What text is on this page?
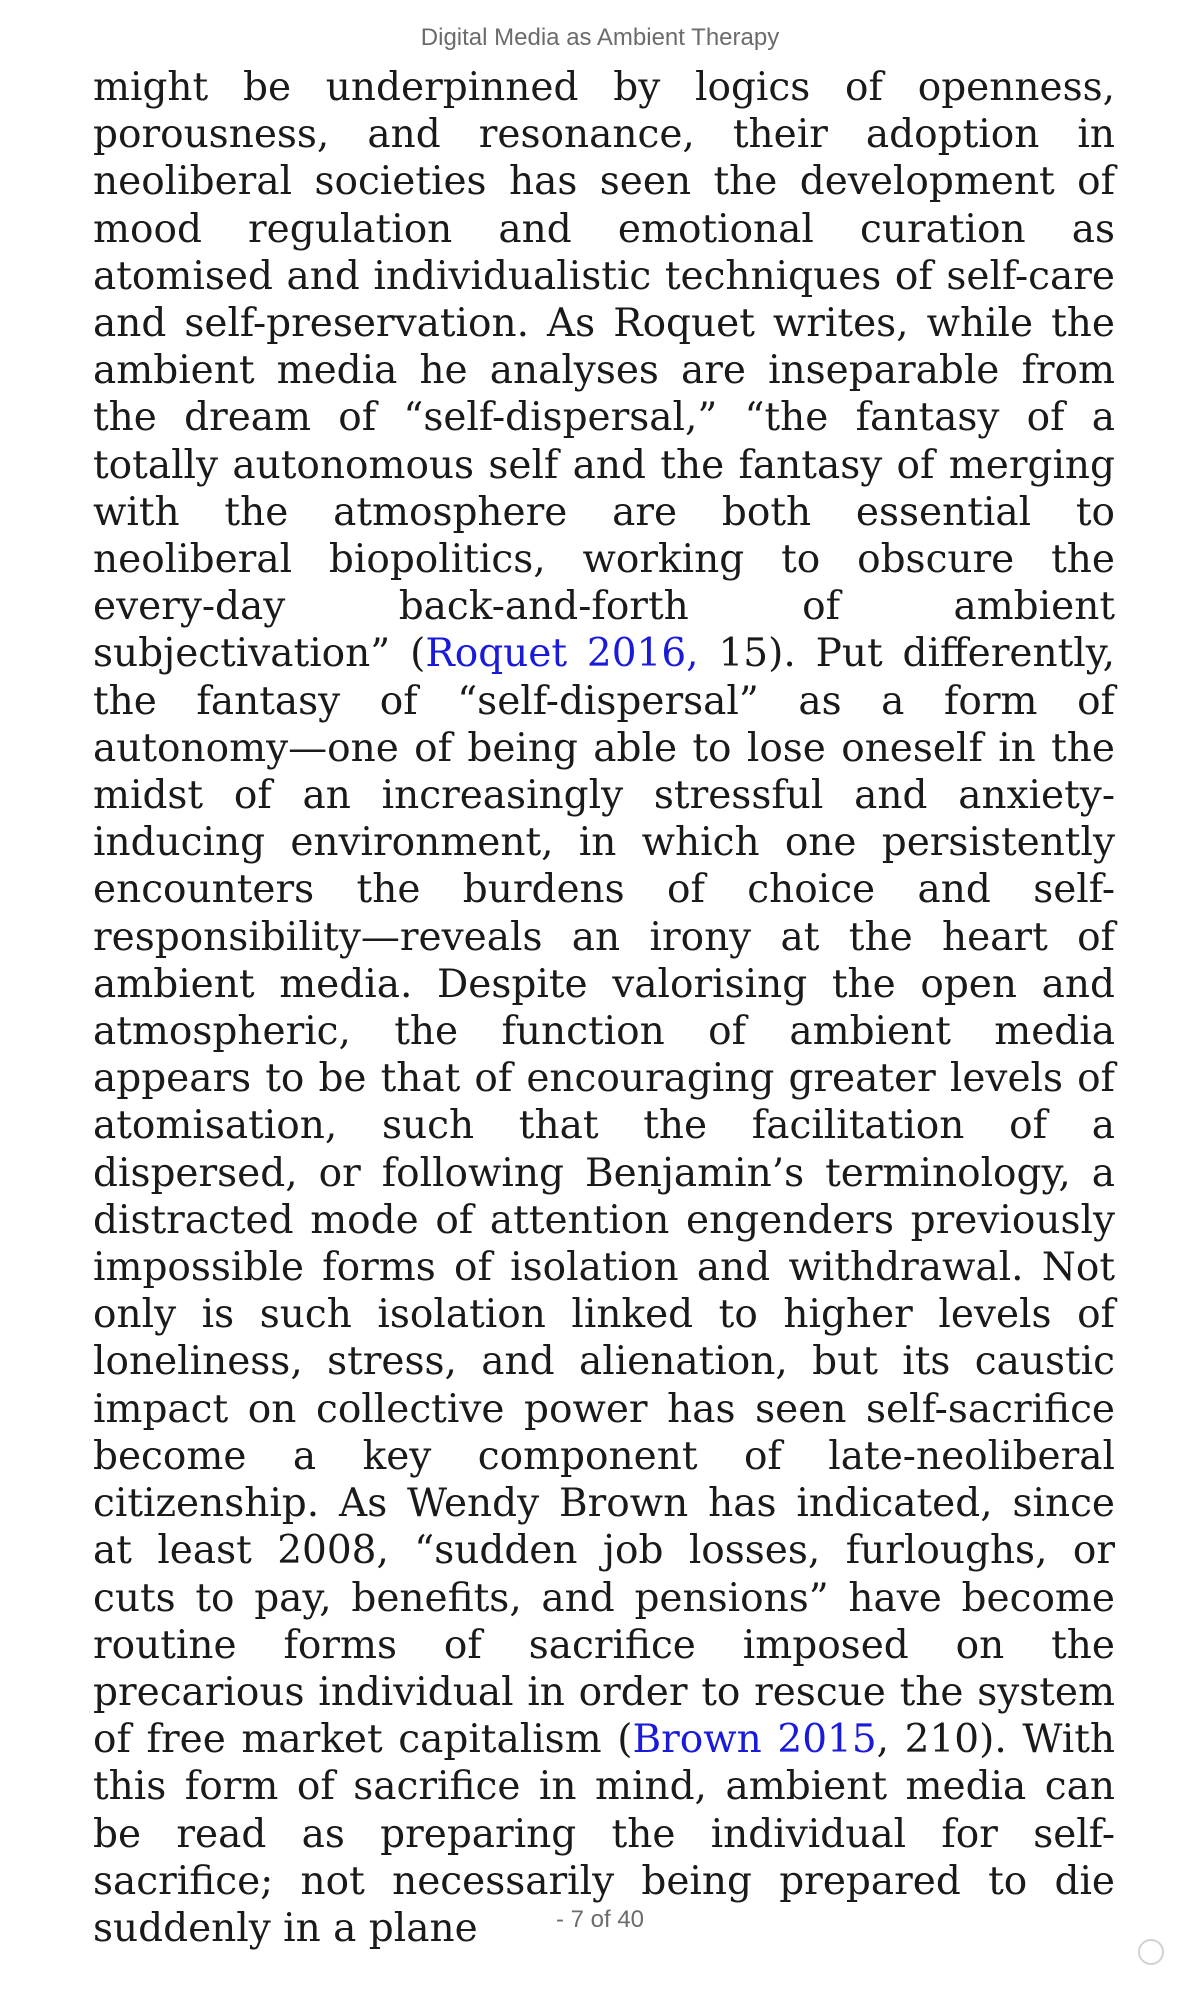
Digital Media as Ambient Therapy

might be underpinned by logics of openness, porousness, and resonance, their adoption in neoliberal societies has seen the development of mood regulation and emotional curation as atomised and individualistic techniques of self-care and self-preservation. As Roquet writes, while the ambient media he analyses are inseparable from the dream of “self-dispersal,” “the fantasy of a totally autonomous self and the fantasy of merging with the atmosphere are both essential to neoliberal biopolitics, working to obscure the every-day back-and-forth of ambient subjectivation” (Roquet 2016, 15). Put differently, the fantasy of “self-dispersal” as a form of autonomy—one of being able to lose oneself in the midst of an increasingly stressful and anxiety-inducing environment, in which one persistently encounters the burdens of choice and self-responsibility—reveals an irony at the heart of ambient media. Despite valorising the open and atmospheric, the function of ambient media appears to be that of encouraging greater levels of atomisation, such that the facilitation of a dispersed, or following Benjamin’s terminology, a distracted mode of attention engenders previously impossible forms of isolation and withdrawal. Not only is such isolation linked to higher levels of loneliness, stress, and alienation, but its caustic impact on collective power has seen self-sacrifice become a key component of late-neoliberal citizenship. As Wendy Brown has indicated, since at least 2008, “sudden job losses, furloughs, or cuts to pay, benefits, and pensions” have become routine forms of sacrifice imposed on the precarious individual in order to rescue the system of free market capitalism (Brown 2015, 210). With this form of sacrifice in mind, ambient media can be read as preparing the individual for self-sacrifice; not necessarily being prepared to die suddenly in a plane	- 7 of 40
